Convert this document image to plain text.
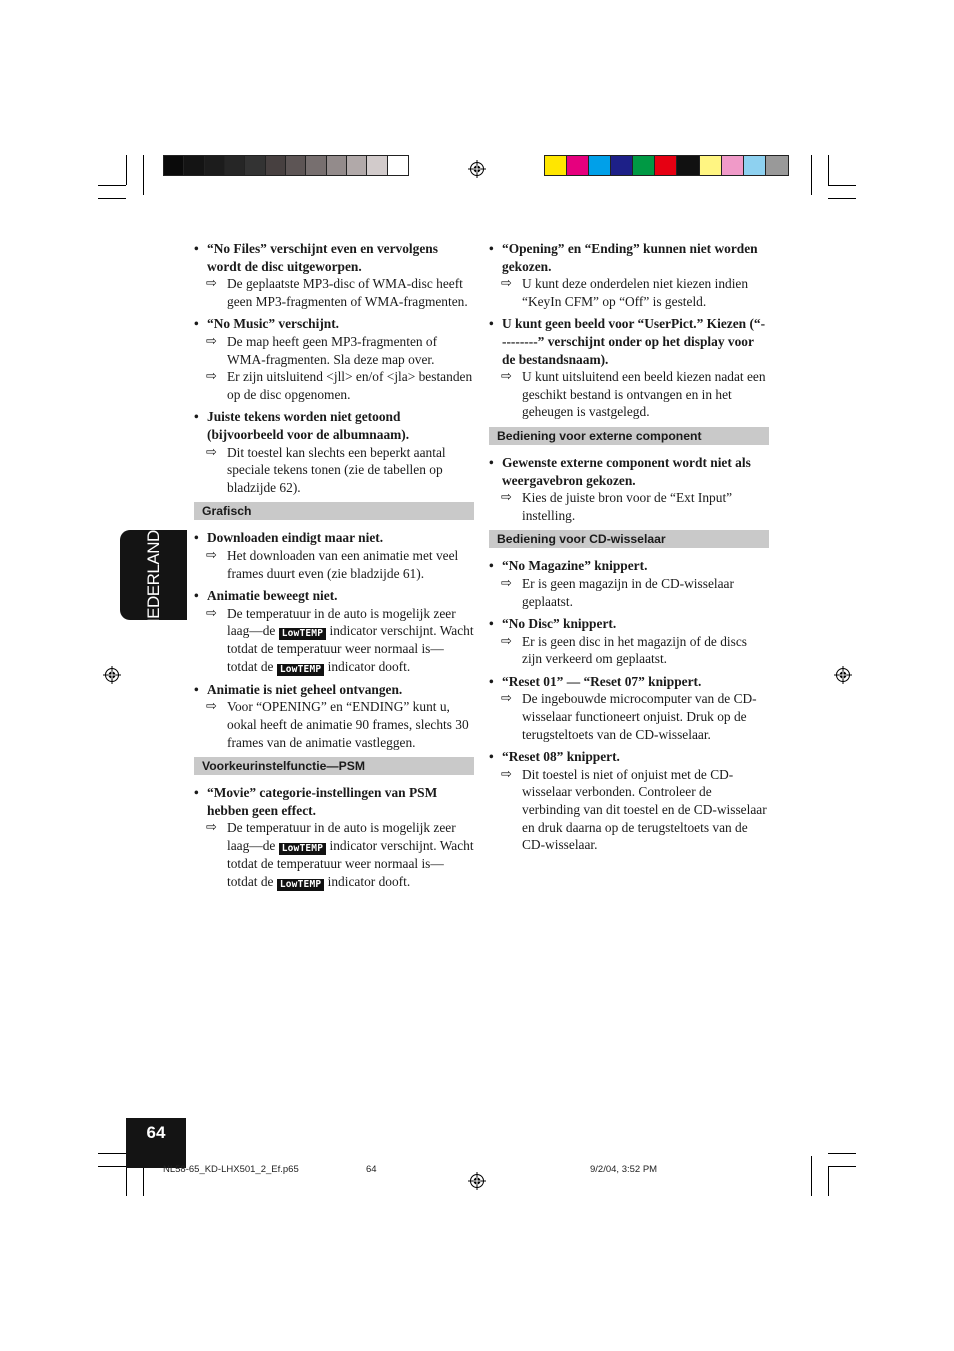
NEDERLANDS
• “No Files” verschijnt even en vervolgens wordt de disc uitgeworpen.
⇨ De geplaatste MP3-disc of WMA-disc heeft geen MP3-fragmenten of WMA-fragmenten.
• “No Music” verschijnt.
⇨ De map heeft geen MP3-fragmenten of WMA-fragmenten. Sla deze map over.
⇨ Er zijn uitsluitend <jll> en/of <jla> bestanden op de disc opgenomen.
• Juiste tekens worden niet getoond (bijvoorbeeld voor de albumnaam).
⇨ Dit toestel kan slechts een beperkt aantal speciale tekens tonen (zie de tabellen op bladzijde 62).
Grafisch
• Downloaden eindigt maar niet.
⇨ Het downloaden van een animatie met veel frames duurt even (zie bladzijde 61).
• Animatie beweegt niet.
⇨ De temperatuur in de auto is mogelijk zeer laag—de LowTEMP indicator verschijnt. Wacht totdat de temperatuur weer normaal is—totdat de LowTEMP indicator dooft.
• Animatie is niet geheel ontvangen.
⇨ Voor “OPENING” en “ENDING” kunt u, ookal heeft de animatie 90 frames, slechts 30 frames van de animatie vastleggen.
Voorkeurinstelfunctie—PSM
• “Movie” categorie-instellingen van PSM hebben geen effect.
⇨ De temperatuur in de auto is mogelijk zeer laag—de LowTEMP indicator verschijnt. Wacht totdat de temperatuur weer normaal is—totdat de LowTEMP indicator dooft.
• “Opening” en “Ending” kunnen niet worden gekozen.
⇨ U kunt deze onderdelen niet kiezen indien “KeyIn CFM” op “Off” is gesteld.
• U kunt geen beeld voor “UserPict.” Kiezen (“---------” verschijnt onder op het display voor de bestandsnaam).
⇨ U kunt uitsluitend een beeld kiezen nadat een geschikt bestand is ontvangen en in het geheugen is vastgelegd.
Bediening voor externe component
• Gewenste externe component wordt niet als weergavebron gekozen.
⇨ Kies de juiste bron voor de “Ext Input” instelling.
Bediening voor CD-wisselaar
• “No Magazine” knippert.
⇨ Er is geen magazijn in de CD-wisselaar geplaatst.
• “No Disc” knippert.
⇨ Er is geen disc in het magazijn of de discs zijn verkeerd om geplaatst.
• “Reset 01” — “Reset 07” knippert.
⇨ De ingebouwde microcomputer van de CD-wisselaar functioneert onjuist. Druk op de terugsteltoets van de CD-wisselaar.
• “Reset 08” knippert.
⇨ Dit toestel is niet of onjuist met de CD-wisselaar verbonden. Controleer de verbinding van dit toestel en de CD-wisselaar en druk daarna op de terugsteltoets van de CD-wisselaar.
64
NL58-65_KD-LHX501_2_Ef.p65	64	9/2/04, 3:52 PM
